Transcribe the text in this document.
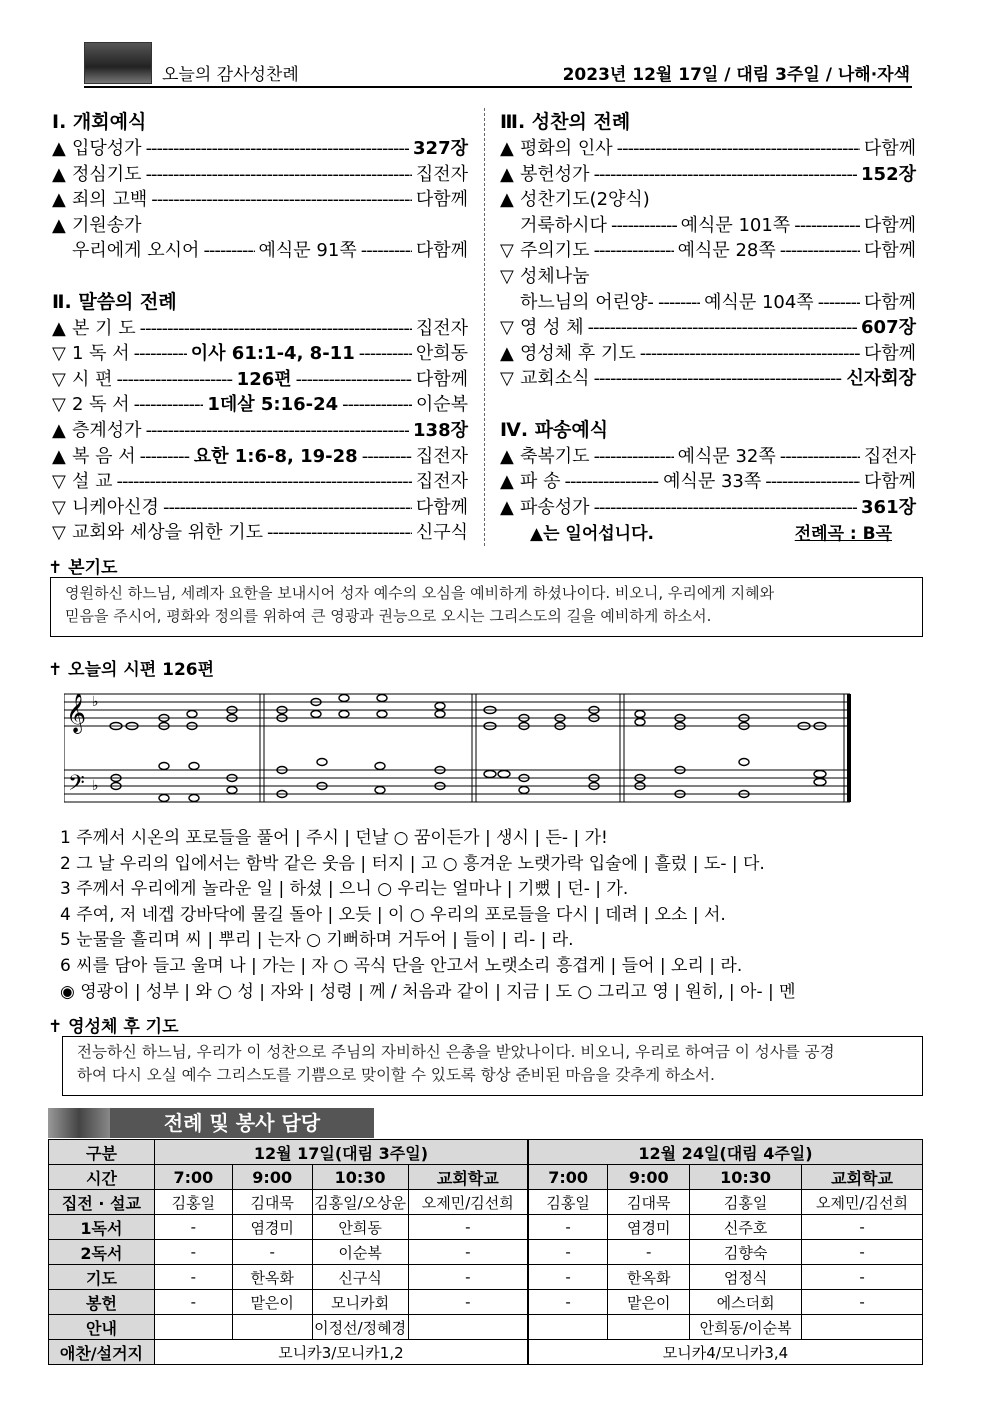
오늘의 감사성찬례	2023년 12월 17일 / 대림 3주일 / 나해·자색
Ⅰ. 개회예식
▲ 입당성가 -----	327장
▲ 정심기도 -----	집전자
▲ 죄의 고백 -----	다함께
▲ 기원송가
우리에게 오시어 -----	예식문 91쪽 -----	다함께
Ⅱ. 말씀의 전례
▲ 본 기 도 -----	집전자
▽ 1 독 서 -----	이사 61:1-4, 8-11 -----	안희동
▽ 시 편 -----	126편 -----	다함께
▽ 2 독 서 -----	1데살 5:16-24 -----	이순복
▲ 층계성가 -----	138장
▲ 복 음 서 -----	요한 1:6-8, 19-28 -----	집전자
▽ 설 교 -----	집전자
▽ 니케아신경 -----	다함께
▽ 교회와 세상을 위한 기도 -----	신구식
Ⅲ. 성찬의 전례
▲ 평화의 인사 -----	다함께
▲ 봉헌성가 -----	152장
▲ 성찬기도(2양식)
거룩하시다 -----	예식문 101쪽 -----	다함께
▽ 주의기도 -----	예식문 28쪽 -----	다함께
▽ 성체나눔
하느님의 어린양- -----	예식문 104쪽 -----	다함께
▽ 영 성 체 -----	607장
▲ 영성체 후 기도 -----	다함께
▽ 교회소식 -----	신자회장
Ⅳ. 파송예식
▲ 축복기도 -----	예식문 32쪽 -----	집전자
▲ 파 송 -----	예식문 33쪽 -----	다함께
▲ 파송성가 -----	361장
▲는 일어섭니다.	전례곡 : B곡
✝ 본기도
영원하신 하느님, 세례자 요한을 보내시어 성자 예수의 오심을 예비하게 하셨나이다. 비오니, 우리에게 지혜와
믿음을 주시어, 평화와 정의를 위하여 큰 영광과 권능으로 오시는 그리스도의 길을 예비하게 하소서.
✝ 오늘의 시편 126편
𝄞
𝄢
♭
♭
1 주께서 시온의 포로들을 풀어 | 주시 | 던날 ○ 꿈이든가 | 생시 | 든- | 가!
2 그 날 우리의 입에서는 함박 같은 웃음 | 터지 | 고 ○ 흥겨운 노랫가락 입술에 | 흘렀 | 도- | 다.
3 주께서 우리에게 놀라운 일 | 하셨 | 으니 ○ 우리는 얼마나 | 기뻤 | 던- | 가.
4 주여, 저 네겝 강바닥에 물길 돌아 | 오듯 | 이 ○ 우리의 포로들을 다시 | 데려 | 오소 | 서.
5 눈물을 흘리며 씨 | 뿌리 | 는자 ○ 기뻐하며 거두어 | 들이 | 리- | 라.
6 씨를 담아 들고 울며 나 | 가는 | 자 ○ 곡식 단을 안고서 노랫소리 흥겹게 | 들어 | 오리 | 라.
◉ 영광이 | 성부 | 와 ○ 성 | 자와 | 성령 | 께 / 처음과 같이 | 지금 | 도 ○ 그리고 영 | 원히, | 아- | 멘
✝ 영성체 후 기도
전능하신 하느님, 우리가 이 성찬으로 주님의 자비하신 은총을 받았나이다. 비오니, 우리로 하여금 이 성사를 공경
하여 다시 오실 예수 그리스도를 기쁨으로 맞이할 수 있도록 항상 준비된 마음을 갖추게 하소서.
전례 및 봉사 담당
구분	12월 17일(대림 3주일)				12월 24일(대림 4주일)			
시간	7:00	9:00	10:30	교회학교	7:00	9:00	10:30	교회학교
집전 · 설교	김홍일	김대묵	김홍일/오상운	오제민/김선희	김홍일	김대묵	김홍일	오제민/김선희
1독서	-	염경미	안희동	-	-	염경미	신주호	-
2독서	-	-	이순복	-	-	-	김향숙	-
기도	-	한옥화	신구식	-	-	한옥화	엄정식	-
봉헌	-	맡은이	모니카회	-	-	맡은이	에스더회	-
안내			이정선/정혜경				안희동/이순복	
애찬/설거지	모니카3/모니카1,2				모니카4/모니카3,4			
